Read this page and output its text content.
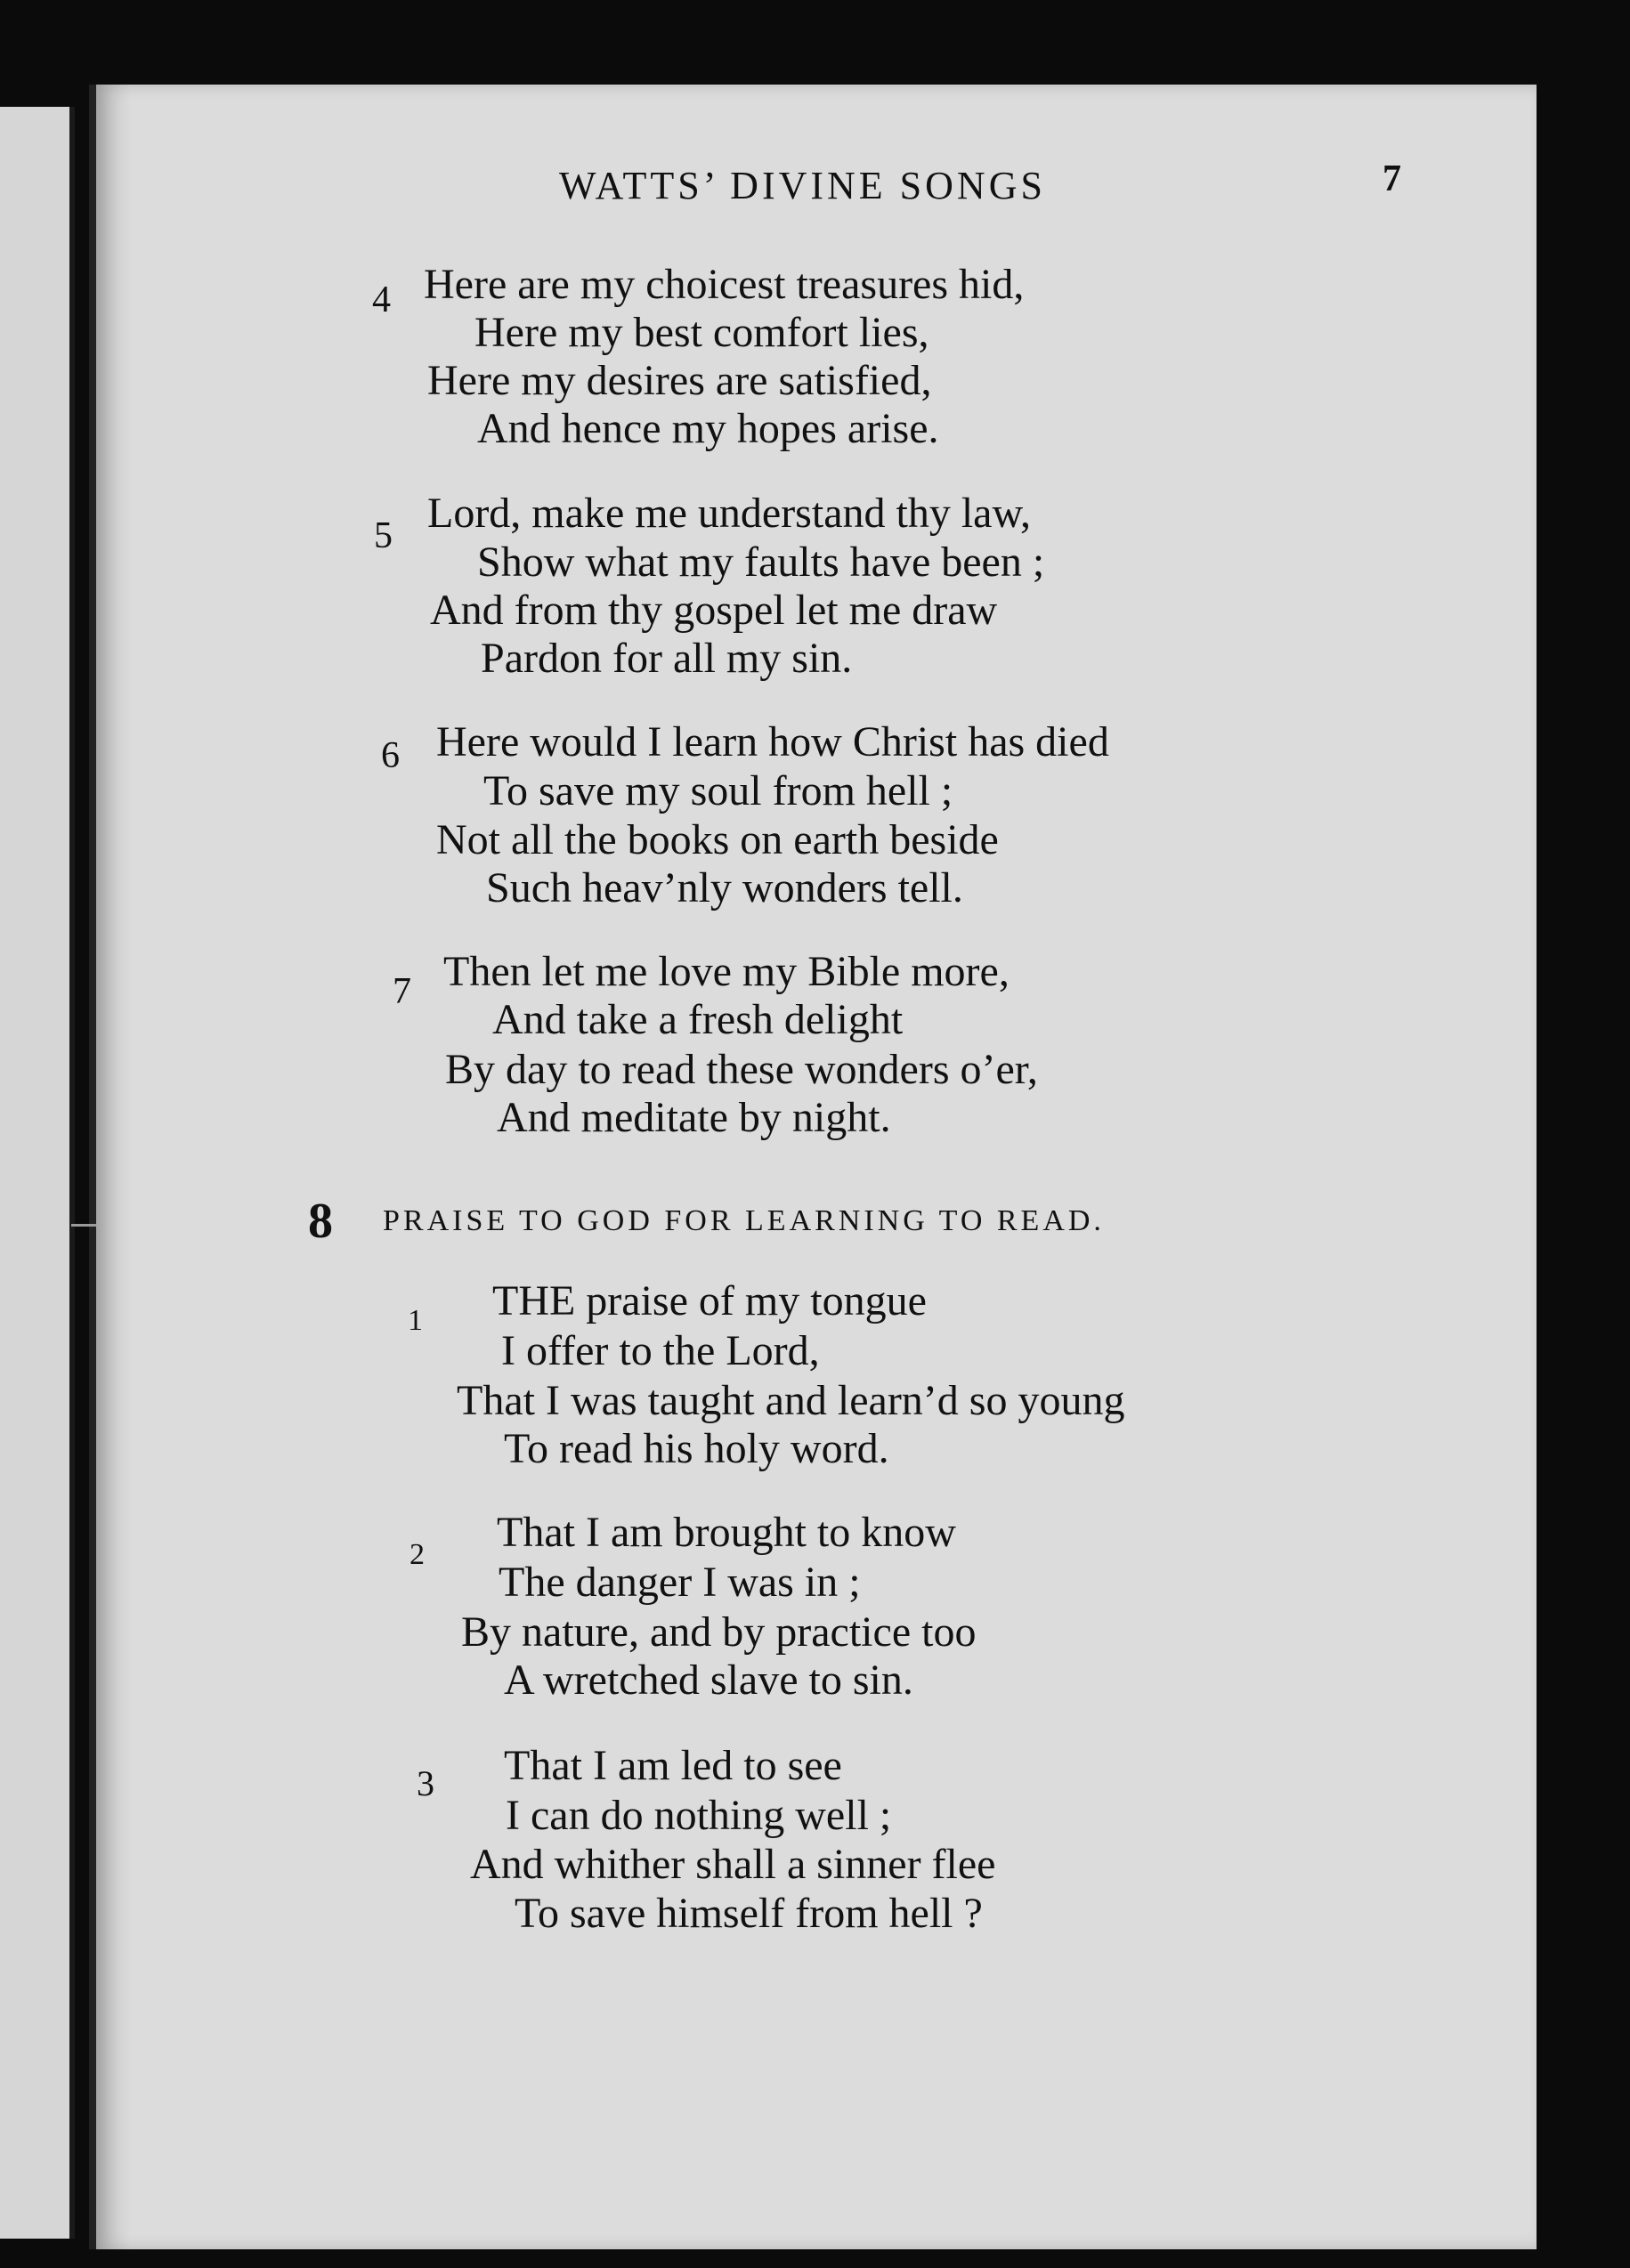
WATTS’ DIVINE SONGS	7
4 Here are my choicest treasures hid,
Here my best comfort lies,
Here my desires are satisfied,
And hence my hopes arise.
5 Lord, make me understand thy law,
Show what my faults have been ;
And from thy gospel let me draw
Pardon for all my sin.
6 Here would I learn how Christ has died
To save my soul from hell ;
Not all the books on earth beside
Such heav’nly wonders tell.
7 Then let me love my Bible more,
And take a fresh delight
By day to read these wonders o’er,
And meditate by night.
8 PRAISE TO GOD FOR LEARNING TO READ.
1 THE praise of my tongue
I offer to the Lord,
That I was taught and learn’d so young
To read his holy word.
2 That I am brought to know
The danger I was in ;
By nature, and by practice too
A wretched slave to sin.
3 That I am led to see
I can do nothing well ;
And whither shall a sinner flee
To save himself from hell ?
